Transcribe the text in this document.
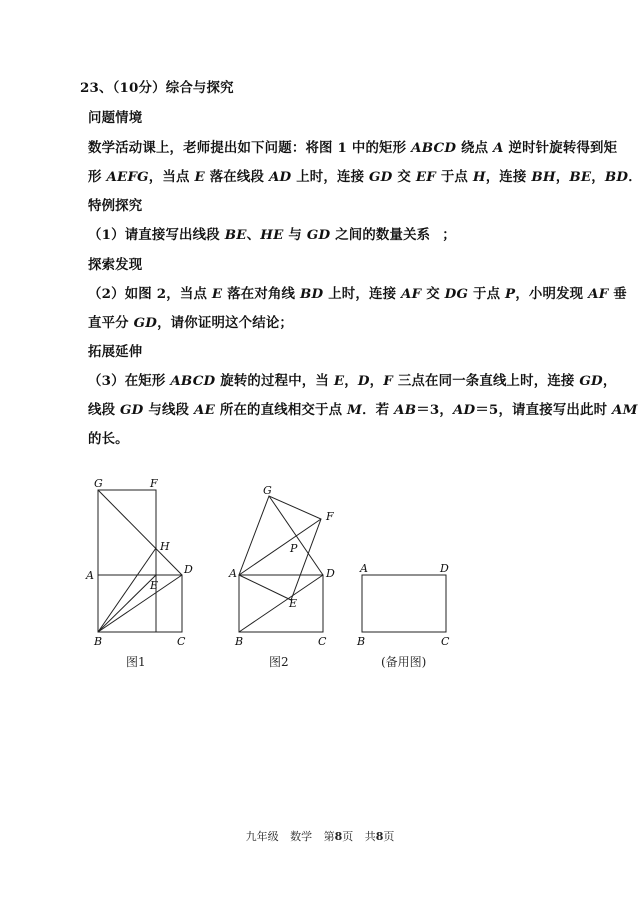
23、（10分）综合与探究
问题情境
数学活动课上，老师提出如下问题：将图 1 中的矩形 ABCD 绕点 A 逆时针旋转得到矩
形 AEFG，当点 E 落在线段 AD 上时，连接 GD 交 EF 于点 H，连接 BH，BE，BD．
特例探究
（1）请直接写出线段 BE、HE 与 GD 之间的数量关系 ；
探索发现
（2）如图 2，当点 E 落在对角线 BD 上时，连接 AF 交 DG 于点 P，小明发现 AF 垂
直平分 GD，请你证明这个结论；
拓展延伸
（3）在矩形 ABCD 旋转的过程中，当 E，D，F 三点在同一条直线上时，连接 GD，
线段 GD 与线段 AE 所在的直线相交于点 M．若 AB＝3，AD＝5，请直接写出此时 AM
的长。
G	F
H
A
E
D
B	C
图1
G
F
P
A	D
E
B	C
图2
A	D
B	C
(备用图)
九年级 数学 第8页 共8页
